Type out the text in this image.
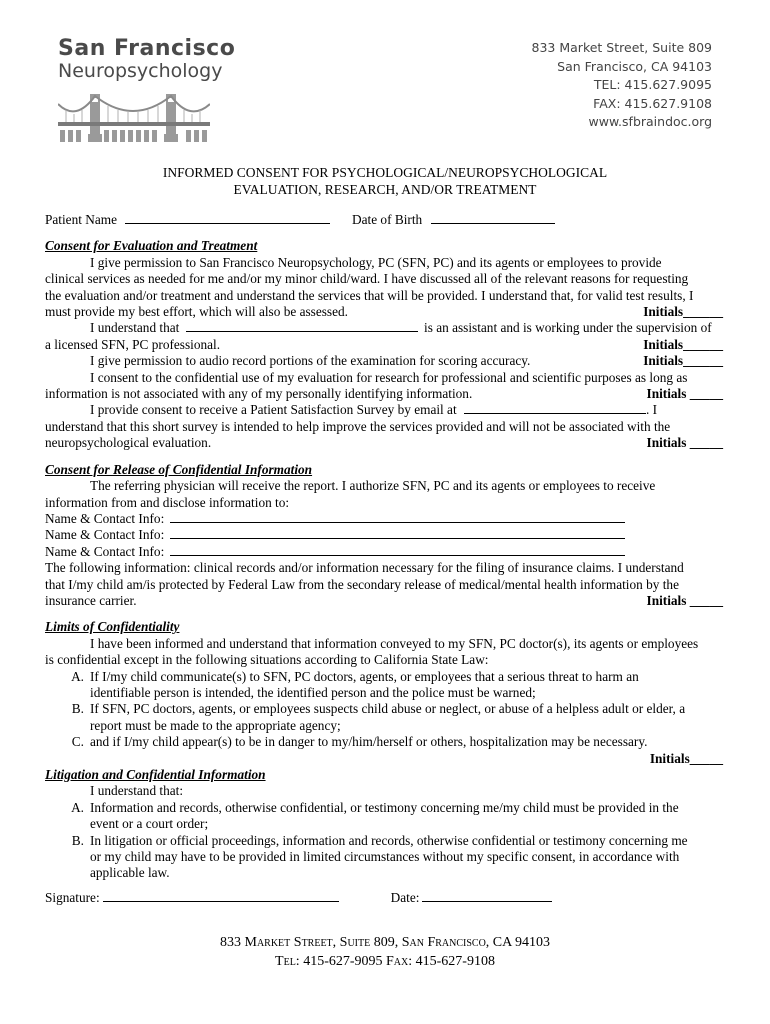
San Francisco
Neuropsychology
833 Market Street, Suite 809
San Francisco, CA 94103
TEL: 415.627.9095
FAX: 415.627.9108
www.sfbraindoc.org
INFORMED CONSENT FOR PSYCHOLOGICAL/NEUROPSYCHOLOGICAL
EVALUATION, RESEARCH, AND/OR TREATMENT
Patient Name	Date of Birth
Consent for Evaluation and Treatment
I give permission to San Francisco Neuropsychology, PC (SFN, PC) and its agents or employees to provide
clinical services as needed for me and/or my minor child/ward. I have discussed all of the relevant reasons for requesting
the evaluation and/or treatment and understand the services that will be provided. I understand that, for valid test results, I
must provide my best effort, which will also be assessed.	Initials______
I understand that	is an assistant and is working under the supervision of
a licensed SFN, PC professional.	Initials______
I give permission to audio record portions of the examination for scoring accuracy.	Initials______
I consent to the confidential use of my evaluation for research for professional and scientific purposes as long as
information is not associated with any of my personally identifying information.	Initials _____
I provide consent to receive a Patient Satisfaction Survey by email at	. I
understand that this short survey is intended to help improve the services provided and will not be associated with the
neuropsychological evaluation.	Initials _____
Consent for Release of Confidential Information
The referring physician will receive the report. I authorize SFN, PC and its agents or employees to receive
information from and disclose information to:
Name & Contact Info:
Name & Contact Info:
Name & Contact Info:
The following information: clinical records and/or information necessary for the filing of insurance claims. I understand
that I/my child am/is protected by Federal Law from the secondary release of medical/mental health information by the
insurance carrier.	Initials _____
Limits of Confidentiality
I have been informed and understand that information conveyed to my SFN, PC doctor(s), its agents or employees
is confidential except in the following situations according to California State Law:
A. If I/my child communicate(s) to SFN, PC doctors, agents, or employees that a serious threat to harm an
identifiable person is intended, the identified person and the police must be warned;
B. If SFN, PC doctors, agents, or employees suspects child abuse or neglect, or abuse of a helpless adult or elder, a
report must be made to the appropriate agency;
C. and if I/my child appear(s) to be in danger to my/him/herself or others, hospitalization may be necessary.
Initials_____
Litigation and Confidential Information
I understand that:
A. Information and records, otherwise confidential, or testimony concerning me/my child must be provided in the
event or a court order;
B. In litigation or official proceedings, information and records, otherwise confidential or testimony concerning me
or my child may have to be provided in limited circumstances without my specific consent, in accordance with
applicable law.
Signature:	Date:
833 Market Street, Suite 809, San Francisco, CA 94103
Tel: 415-627-9095 Fax: 415-627-9108
